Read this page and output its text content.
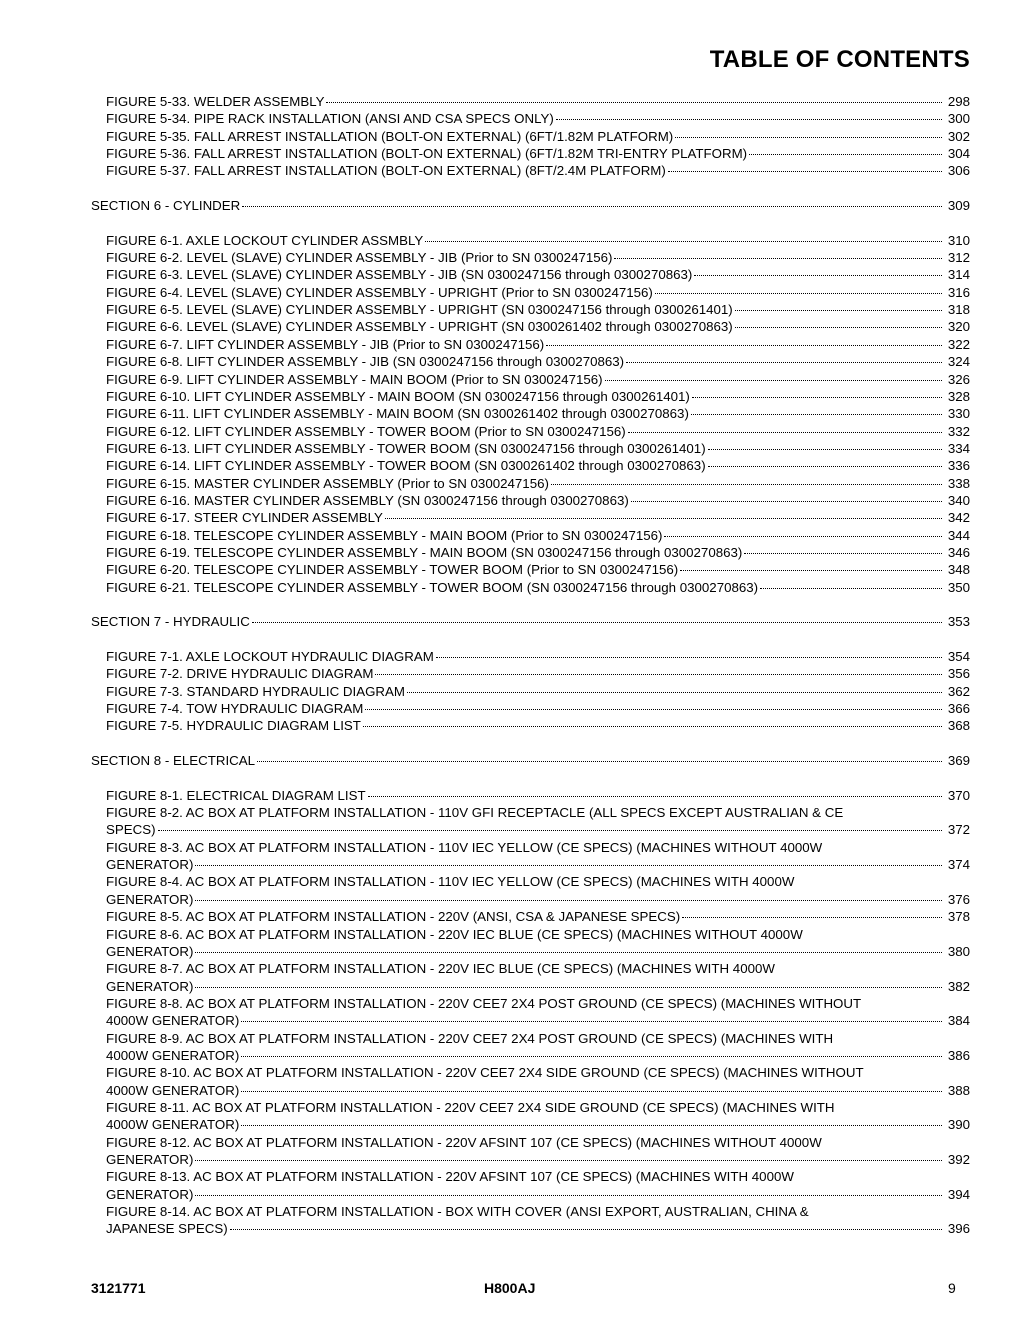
TABLE OF CONTENTS
FIGURE 5-33. WELDER ASSEMBLY	298
FIGURE 5-34. PIPE RACK INSTALLATION (ANSI AND CSA SPECS ONLY)	300
FIGURE 5-35. FALL ARREST INSTALLATION (BOLT-ON EXTERNAL) (6FT/1.82M PLATFORM)	302
FIGURE 5-36. FALL ARREST INSTALLATION (BOLT-ON EXTERNAL) (6FT/1.82M TRI-ENTRY PLATFORM)	304
FIGURE 5-37. FALL ARREST INSTALLATION (BOLT-ON EXTERNAL) (8FT/2.4M PLATFORM)	306
SECTION 6 - CYLINDER	309
FIGURE 6-1. AXLE LOCKOUT CYLINDER ASSMBLY	310
FIGURE 6-2. LEVEL (SLAVE) CYLINDER ASSEMBLY - JIB (Prior to SN 0300247156)	312
FIGURE 6-3. LEVEL (SLAVE) CYLINDER ASSEMBLY - JIB (SN 0300247156 through 0300270863)	314
FIGURE 6-4. LEVEL (SLAVE) CYLINDER ASSEMBLY - UPRIGHT (Prior to SN 0300247156)	316
FIGURE 6-5. LEVEL (SLAVE) CYLINDER ASSEMBLY - UPRIGHT (SN 0300247156 through 0300261401)	318
FIGURE 6-6. LEVEL (SLAVE) CYLINDER ASSEMBLY - UPRIGHT (SN 0300261402 through 0300270863)	320
FIGURE 6-7. LIFT CYLINDER ASSEMBLY - JIB (Prior to SN 0300247156)	322
FIGURE 6-8. LIFT CYLINDER ASSEMBLY - JIB (SN 0300247156 through 0300270863)	324
FIGURE 6-9. LIFT CYLINDER ASSEMBLY - MAIN BOOM (Prior to SN 0300247156)	326
FIGURE 6-10. LIFT CYLINDER ASSEMBLY - MAIN BOOM (SN 0300247156 through 0300261401)	328
FIGURE 6-11. LIFT CYLINDER ASSEMBLY - MAIN BOOM (SN 0300261402 through 0300270863)	330
FIGURE 6-12. LIFT CYLINDER ASSEMBLY - TOWER BOOM (Prior to SN 0300247156)	332
FIGURE 6-13. LIFT CYLINDER ASSEMBLY - TOWER BOOM (SN 0300247156 through 0300261401)	334
FIGURE 6-14. LIFT CYLINDER ASSEMBLY - TOWER BOOM (SN 0300261402 through 0300270863)	336
FIGURE 6-15. MASTER CYLINDER ASSEMBLY (Prior to SN 0300247156)	338
FIGURE 6-16. MASTER CYLINDER ASSEMBLY (SN 0300247156 through 0300270863)	340
FIGURE 6-17. STEER CYLINDER ASSEMBLY	342
FIGURE 6-18. TELESCOPE CYLINDER ASSEMBLY - MAIN BOOM (Prior to SN 0300247156)	344
FIGURE 6-19. TELESCOPE CYLINDER ASSEMBLY - MAIN BOOM (SN 0300247156 through 0300270863)	346
FIGURE 6-20. TELESCOPE CYLINDER ASSEMBLY - TOWER BOOM (Prior to SN 0300247156)	348
FIGURE 6-21. TELESCOPE CYLINDER ASSEMBLY - TOWER BOOM (SN 0300247156 through 0300270863)	350
SECTION 7 - HYDRAULIC	353
FIGURE 7-1. AXLE LOCKOUT HYDRAULIC DIAGRAM	354
FIGURE 7-2. DRIVE HYDRAULIC DIAGRAM	356
FIGURE 7-3. STANDARD HYDRAULIC DIAGRAM	362
FIGURE 7-4. TOW HYDRAULIC DIAGRAM	366
FIGURE 7-5. HYDRAULIC DIAGRAM LIST	368
SECTION 8 - ELECTRICAL	369
FIGURE 8-1. ELECTRICAL DIAGRAM LIST	370
FIGURE 8-2. AC BOX AT PLATFORM INSTALLATION - 110V GFI RECEPTACLE (ALL SPECS EXCEPT AUSTRALIAN & CE
SPECS)	372
FIGURE 8-3. AC BOX AT PLATFORM INSTALLATION - 110V IEC YELLOW (CE SPECS) (MACHINES WITHOUT 4000W
GENERATOR)	374
FIGURE 8-4. AC BOX AT PLATFORM INSTALLATION - 110V IEC YELLOW (CE SPECS) (MACHINES WITH 4000W
GENERATOR)	376
FIGURE 8-5. AC BOX AT PLATFORM INSTALLATION - 220V (ANSI, CSA & JAPANESE SPECS)	378
FIGURE 8-6. AC BOX AT PLATFORM INSTALLATION - 220V IEC BLUE (CE SPECS) (MACHINES WITHOUT 4000W
GENERATOR)	380
FIGURE 8-7. AC BOX AT PLATFORM INSTALLATION - 220V IEC BLUE (CE SPECS) (MACHINES WITH 4000W
GENERATOR)	382
FIGURE 8-8. AC BOX AT PLATFORM INSTALLATION - 220V CEE7 2X4 POST GROUND (CE SPECS) (MACHINES WITHOUT
4000W GENERATOR)	384
FIGURE 8-9. AC BOX AT PLATFORM INSTALLATION - 220V CEE7 2X4 POST GROUND (CE SPECS) (MACHINES WITH
4000W GENERATOR)	386
FIGURE 8-10. AC BOX AT PLATFORM INSTALLATION - 220V CEE7 2X4 SIDE GROUND (CE SPECS) (MACHINES WITHOUT
4000W GENERATOR)	388
FIGURE 8-11. AC BOX AT PLATFORM INSTALLATION - 220V CEE7 2X4 SIDE GROUND (CE SPECS) (MACHINES WITH
4000W GENERATOR)	390
FIGURE 8-12. AC BOX AT PLATFORM INSTALLATION - 220V AFSINT 107 (CE SPECS) (MACHINES WITHOUT 4000W
GENERATOR)	392
FIGURE 8-13. AC BOX AT PLATFORM INSTALLATION - 220V AFSINT 107 (CE SPECS) (MACHINES WITH 4000W
GENERATOR)	394
FIGURE 8-14. AC BOX AT PLATFORM INSTALLATION - BOX WITH COVER (ANSI EXPORT, AUSTRALIAN, CHINA &
JAPANESE SPECS)	396
3121771	H800AJ	9
